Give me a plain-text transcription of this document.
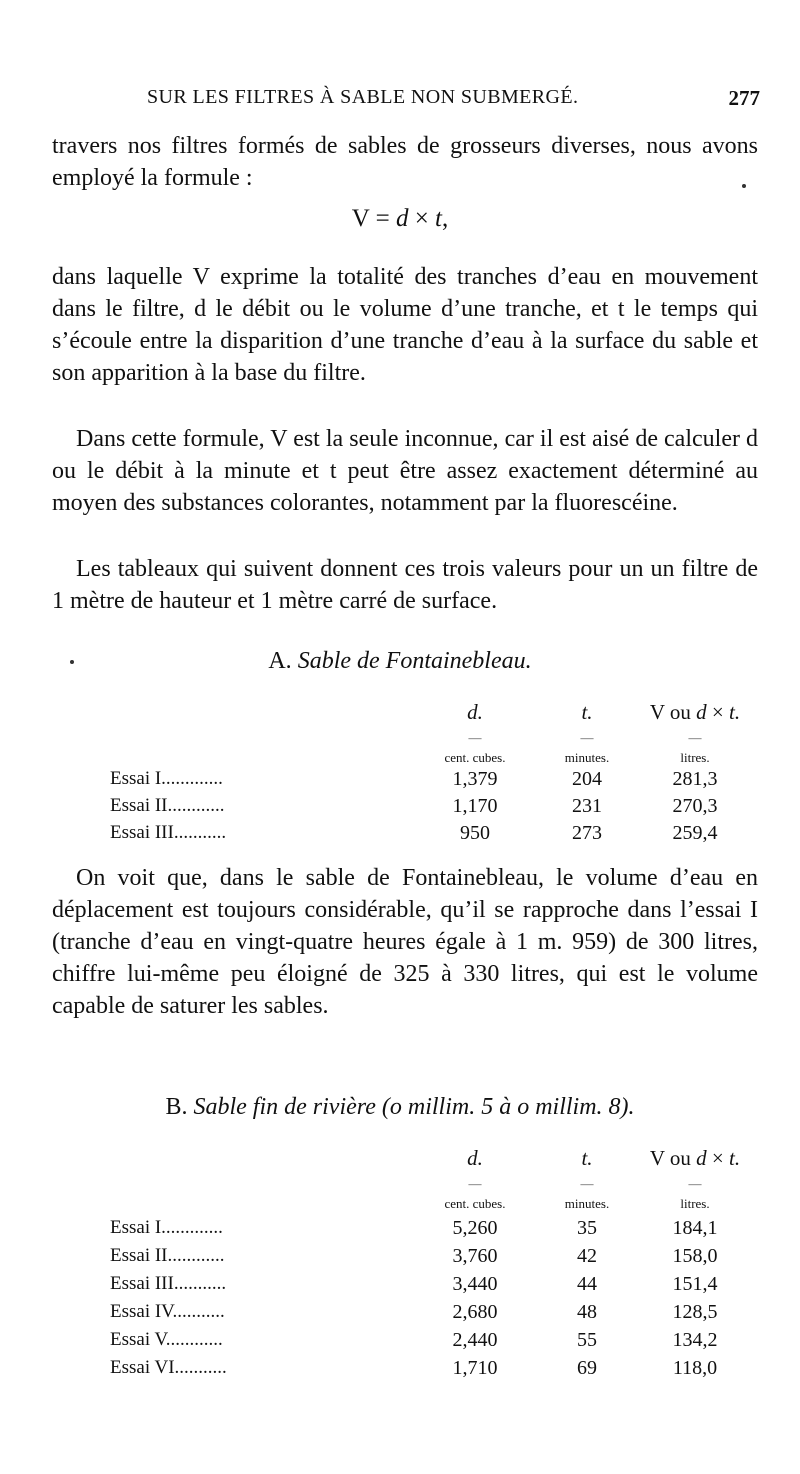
SUR LES FILTRES À SABLE NON SUBMERGÉ.	277

travers nos filtres formés de sables de grosseurs diverses, nous avons employé la formule :

V = d × t,

dans laquelle V exprime la totalité des tranches d’eau en mouvement dans le filtre, d le débit ou le volume d’une tranche, et t le temps qui s’écoule entre la disparition d’une tranche d’eau à la surface du sable et son apparition à la base du filtre.

Dans cette formule, V est la seule inconnue, car il est aisé de calculer d ou le débit à la minute et t peut être assez exactement déterminé au moyen des substances colorantes, notamment par la fluorescéine.

Les tableaux qui suivent donnent ces trois valeurs pour un un filtre de 1 mètre de hauteur et 1 mètre carré de surface.

A. Sable de Fontainebleau.
d.	t.	V ou d × t.
—	—	—
cent. cubes.	minutes.	litres.
Essai I.............	1,379	204	281,3
Essai II............	1,170	231	270,3
Essai III...........	950	273	259,4

On voit que, dans le sable de Fontainebleau, le volume d’eau en déplacement est toujours considérable, qu’il se rapproche dans l’essai I (tranche d’eau en vingt-quatre heures égale à 1 m. 959) de 300 litres, chiffre lui-même peu éloigné de 325 à 330 litres, qui est le volume capable de saturer les sables.

B. Sable fin de rivière (o millim. 5 à o millim. 8).
d.	t.	V ou d × t.
—	—	—
cent. cubes.	minutes.	litres.
Essai I.............	5,260	35	184,1
Essai II............	3,760	42	158,0
Essai III...........	3,440	44	151,4
Essai IV...........	2,680	48	128,5
Essai V............	2,440	55	134,2
Essai VI...........	1,710	69	118,0
